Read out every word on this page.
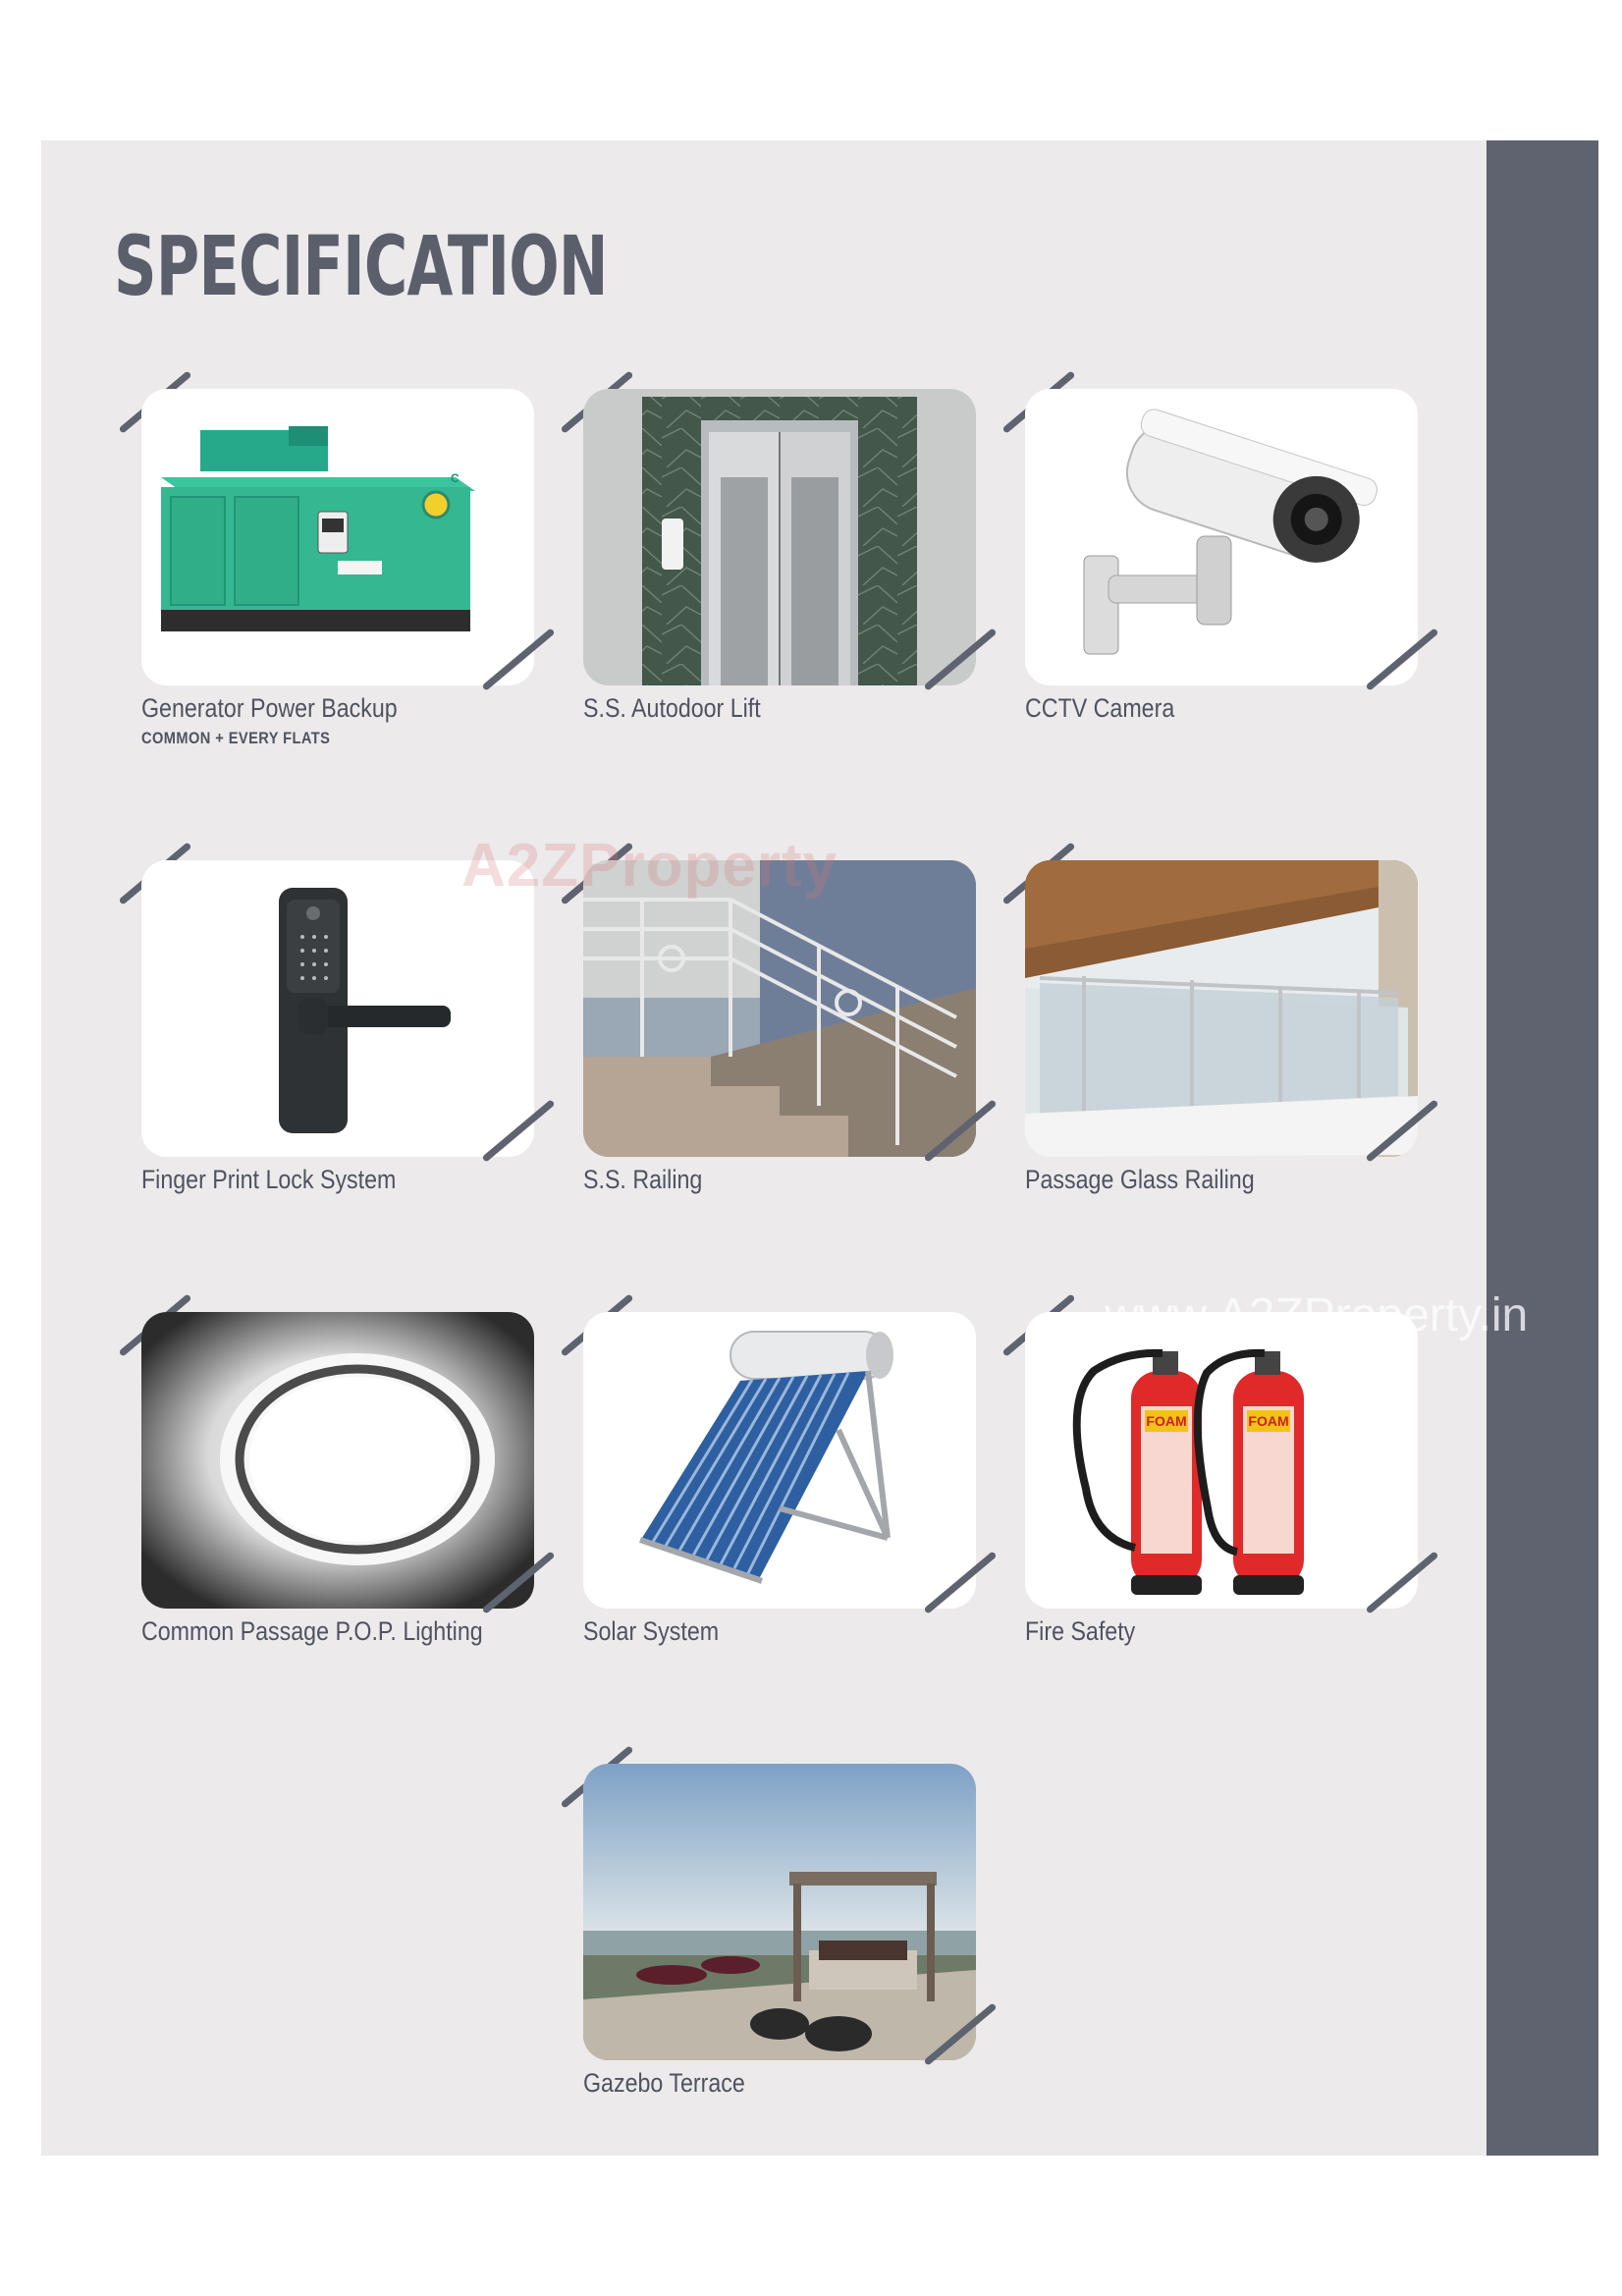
SPECIFICATION
C
Generator Power Backup
COMMON + EVERY FLATS
S.S. Autodoor Lift	CCTV Camera
Finger Print Lock System	S.S. Railing	Passage Glass Railing
Common Passage P.O.P. Lighting	Solar System
FOAM	FOAM
Fire Safety
Gazebo Terrace
A2ZProperty
www.A2ZProperty.in
